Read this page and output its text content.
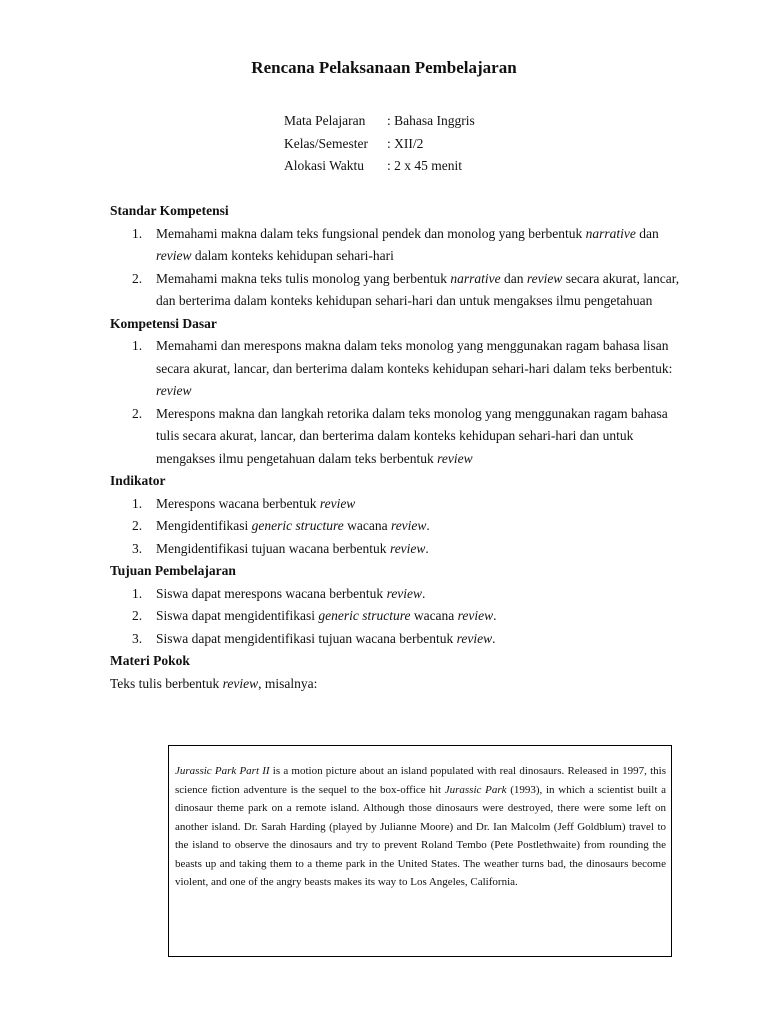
Rencana Pelaksanaan Pembelajaran
Mata Pelajaran	: Bahasa Inggris
Kelas/Semester	: XII/2
Alokasi Waktu	: 2 x 45 menit

Standar Kompetensi

1. Memahami makna dalam teks fungsional pendek dan monolog yang berbentuk narrative dan review dalam konteks kehidupan sehari-hari
2. Memahami makna teks tulis monolog yang berbentuk narrative dan review secara akurat, lancar, dan berterima dalam konteks kehidupan sehari-hari dan untuk mengakses ilmu pengetahuan

Kompetensi Dasar

1. Memahami dan merespons makna dalam teks monolog yang menggunakan ragam bahasa lisan secara akurat, lancar, dan berterima dalam konteks kehidupan sehari-hari dalam teks berbentuk: review
2. Merespons makna dan langkah retorika dalam teks monolog yang menggunakan ragam bahasa tulis secara akurat, lancar, dan berterima dalam konteks kehidupan sehari-hari dan untuk mengakses ilmu pengetahuan dalam teks berbentuk review

Indikator

1. Merespons wacana berbentuk review
2. Mengidentifikasi generic structure wacana review.
3. Mengidentifikasi tujuan wacana berbentuk review.

Tujuan Pembelajaran

1. Siswa dapat merespons wacana berbentuk review.
2. Siswa dapat mengidentifikasi generic structure wacana review.
3. Siswa dapat mengidentifikasi tujuan wacana berbentuk review.

Materi Pokok

Teks tulis berbentuk review, misalnya:

Jurassic Park Part II is a motion picture about an island populated with real dinosaurs. Released in 1997, this science fiction adventure is the sequel to the box-office hit Jurassic Park (1993), in which a scientist built a dinosaur theme park on a remote island. Although those dinosaurs were destroyed, there were some left on another island. Dr. Sarah Harding (played by Julianne Moore) and Dr. Ian Malcolm (Jeff Goldblum) travel to the island to observe the dinosaurs and try to prevent Roland Tembo (Pete Postlethwaite) from rounding the beasts up and taking them to a theme park in the United States. The weather turns bad, the dinosaurs become violent, and one of the angry beasts makes its way to Los Angeles, California.
